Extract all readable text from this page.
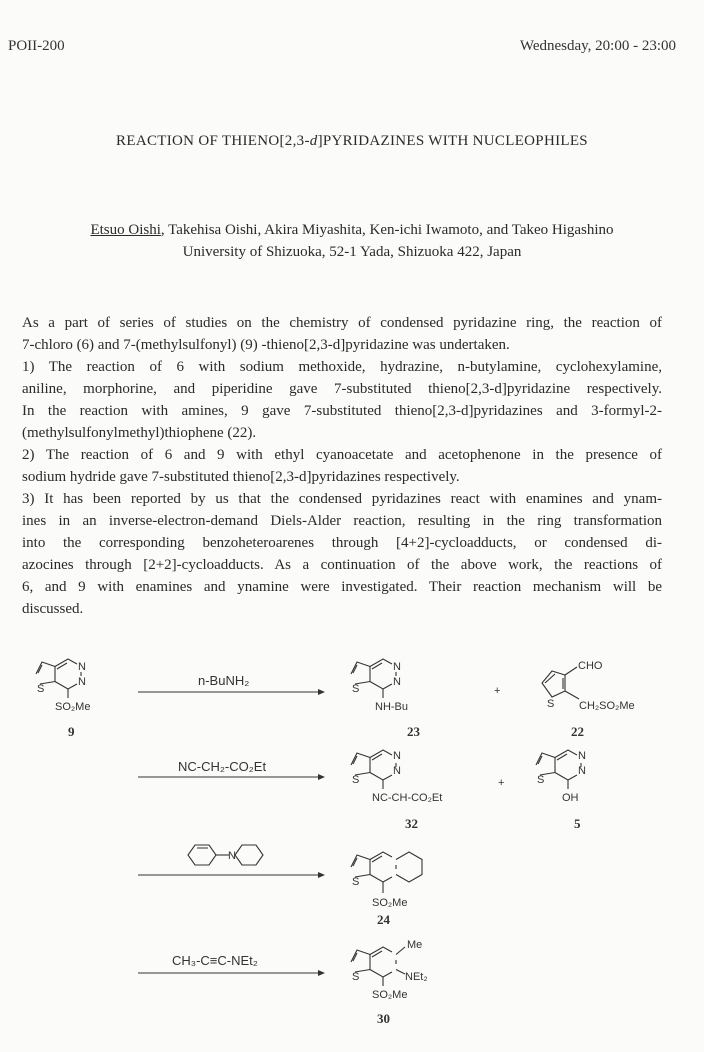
POII-200	Wednesday, 20:00 - 23:00
REACTION OF THIENO[2,3-d]PYRIDAZINES WITH NUCLEOPHILES
Etsuo Oishi, Takehisa Oishi, Akira Miyashita, Ken-ichi Iwamoto, and Takeo Higashino
University of Shizuoka, 52-1 Yada, Shizuoka 422, Japan
As a part of series of studies on the chemistry of condensed pyridazine ring, the reaction of
7-chloro (6) and 7-(methylsulfonyl) (9) -thieno[2,3-d]pyridazine was undertaken.
1) The reaction of 6 with sodium methoxide, hydrazine, n-butylamine, cyclohexylamine,
aniline, morphorine, and piperidine gave 7-substituted thieno[2,3-d]pyridazine respectively.
In the reaction with amines, 9 gave 7-substituted thieno[2,3-d]pyridazines and 3-formyl-2-
(methylsulfonylmethyl)thiophene (22).
2) The reaction of 6 and 9 with ethyl cyanoacetate and acetophenone in the presence of
sodium hydride gave 7-substituted thieno[2,3-d]pyridazines respectively.
3) It has been reported by us that the condensed pyridazines react with enamines and ynam-
ines in an inverse-electron-demand Diels-Alder reaction, resulting in the ring transformation
into the corresponding benzoheteroarenes through [4+2]-cycloadducts, or condensed di-
azocines through [2+2]-cycloadducts. As a continuation of the above work, the reactions of
6, and 9 with enamines and ynamine were investigated. Their reaction mechanism will be
discussed.
N
N
S
SO₂Me
9
n-BuNH₂
N
N
S
NH-Bu
23
+
CHO
S CH₂SO₂Me
22
NC-CH₂-CO₂Et
N
N
S
NC-CH-CO₂Et
32
+
N
N
S
OH
5
N
S
SO₂Me
24
CH₃-C≡C-NEt₂
Me
NEt₂
S
SO₂Me
30
